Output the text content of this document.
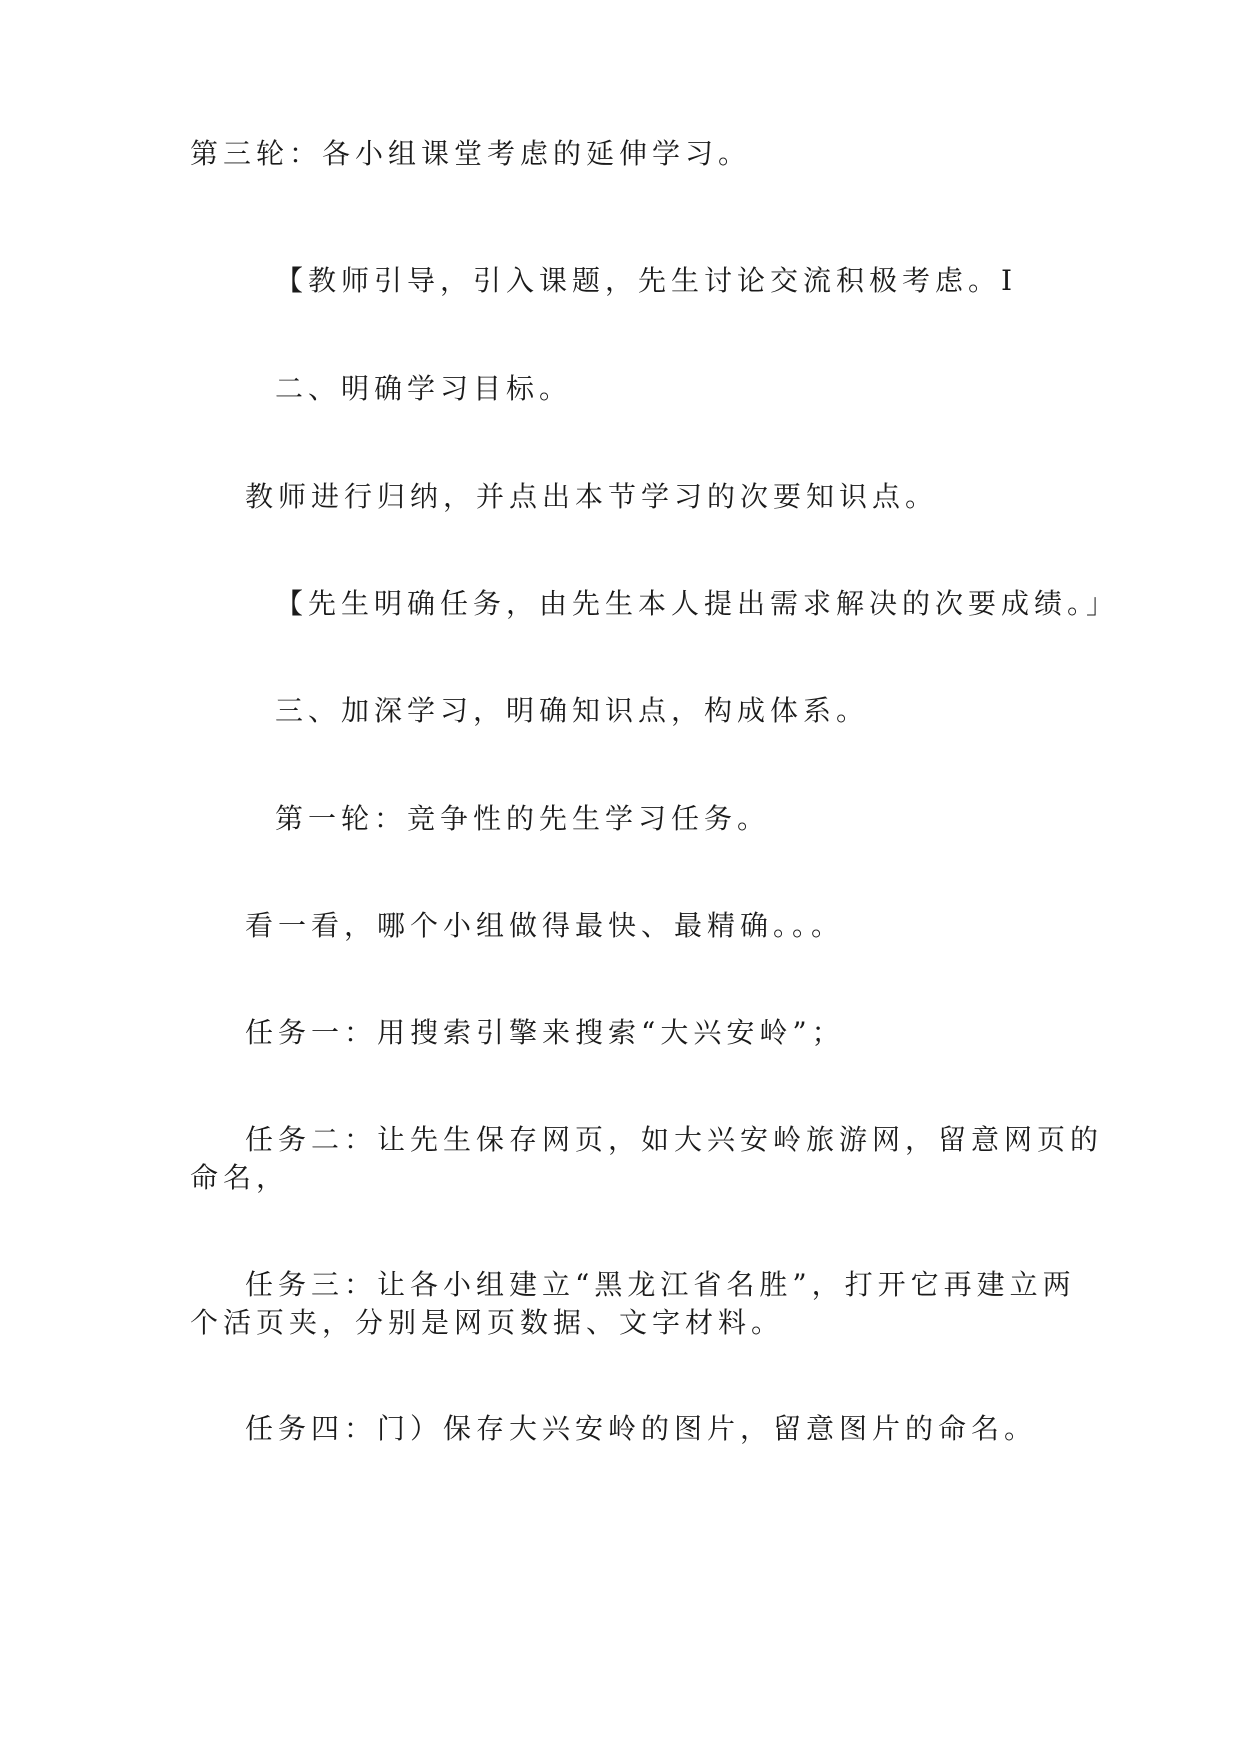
第三轮：各小组课堂考虑的延伸学习。

【教师引导，引入课题，先生讨论交流积极考虑。I

二、明确学习目标。

教师进行归纳，并点出本节学习的次要知识点。

【先生明确任务，由先生本人提出需求解决的次要成绩。」

三、加深学习，明确知识点，构成体系。

第一轮：竞争性的先生学习任务。

看一看，哪个小组做得最快、最精确。。。

任务一：用搜索引擎来搜索“大兴安岭”；

任务二：让先生保存网页，如大兴安岭旅游网，留意网页的
命名，
任务三：让各小组建立“黑龙江省名胜”，打开它再建立两
个活页夹，分别是网页数据、文字材料。

任务四：门）保存大兴安岭的图片，留意图片的命名。
